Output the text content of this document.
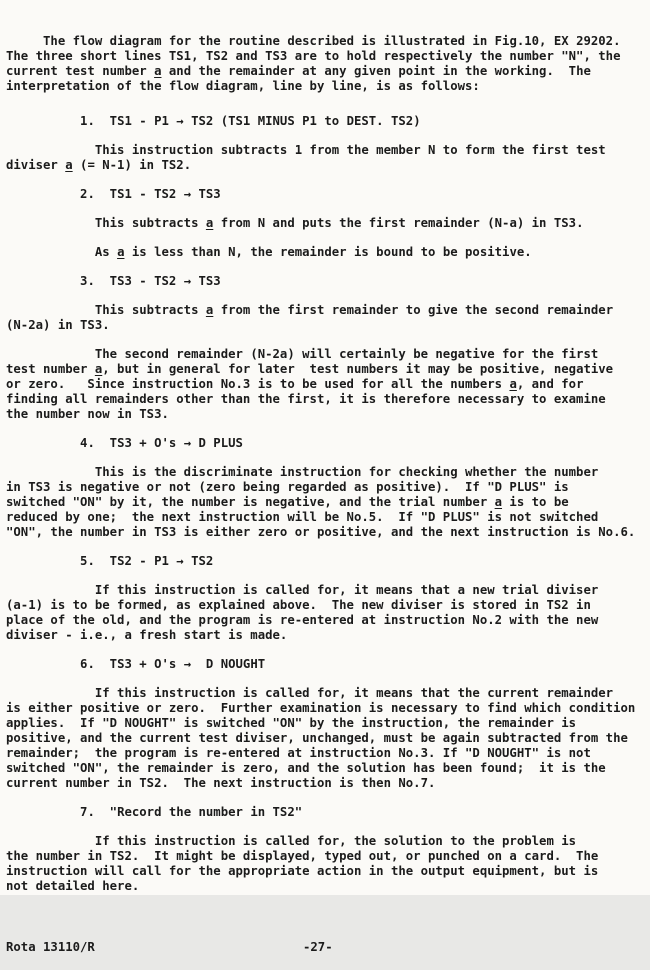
The flow diagram for the routine described is illustrated in Fig.10, EX 29202.
The three short lines TS1, TS2 and TS3 are to hold respectively the number "N", the
current test number a and the remainder at any given point in the working.  The
interpretation of the flow diagram, line by line, is as follows:
1.  TS1 - P1 → TS2 (TS1 MINUS P1 to DEST. TS2)
This instruction subtracts 1 from the member N to form the first test
diviser a (= N-1) in TS2.
2.  TS1 - TS2 → TS3
This subtracts a from N and puts the first remainder (N-a) in TS3.
As a is less than N, the remainder is bound to be positive.
3.  TS3 - TS2 → TS3
This subtracts a from the first remainder to give the second remainder
(N-2a) in TS3.
The second remainder (N-2a) will certainly be negative for the first
test number a, but in general for later  test numbers it may be positive, negative
or zero.   Since instruction No.3 is to be used for all the numbers a, and for
finding all remainders other than the first, it is therefore necessary to examine
the number now in TS3.
4.  TS3 + O's → D PLUS
This is the discriminate instruction for checking whether the number
in TS3 is negative or not (zero being regarded as positive).  If "D PLUS" is
switched "ON" by it, the number is negative, and the trial number a is to be
reduced by one;  the next instruction will be No.5.  If "D PLUS" is not switched
"ON", the number in TS3 is either zero or positive, and the next instruction is No.6.
5.  TS2 - P1 → TS2
If this instruction is called for, it means that a new trial diviser
(a-1) is to be formed, as explained above.  The new diviser is stored in TS2 in
place of the old, and the program is re-entered at instruction No.2 with the new
diviser - i.e., a fresh start is made.
6.  TS3 + O's →  D NOUGHT
If this instruction is called for, it means that the current remainder
is either positive or zero.  Further examination is necessary to find which condition
applies.  If "D NOUGHT" is switched "ON" by the instruction, the remainder is
positive, and the current test diviser, unchanged, must be again subtracted from the
remainder;  the program is re-entered at instruction No.3. If "D NOUGHT" is not
switched "ON", the remainder is zero, and the solution has been found;  it is the
current number in TS2.  The next instruction is then No.7.
7.  "Record the number in TS2"
If this instruction is called for, the solution to the problem is
the number in TS2.  It might be displayed, typed out, or punched on a card.  The
instruction will call for the appropriate action in the output equipment, but is
not detailed here.

Rota 13110/R	-27-
